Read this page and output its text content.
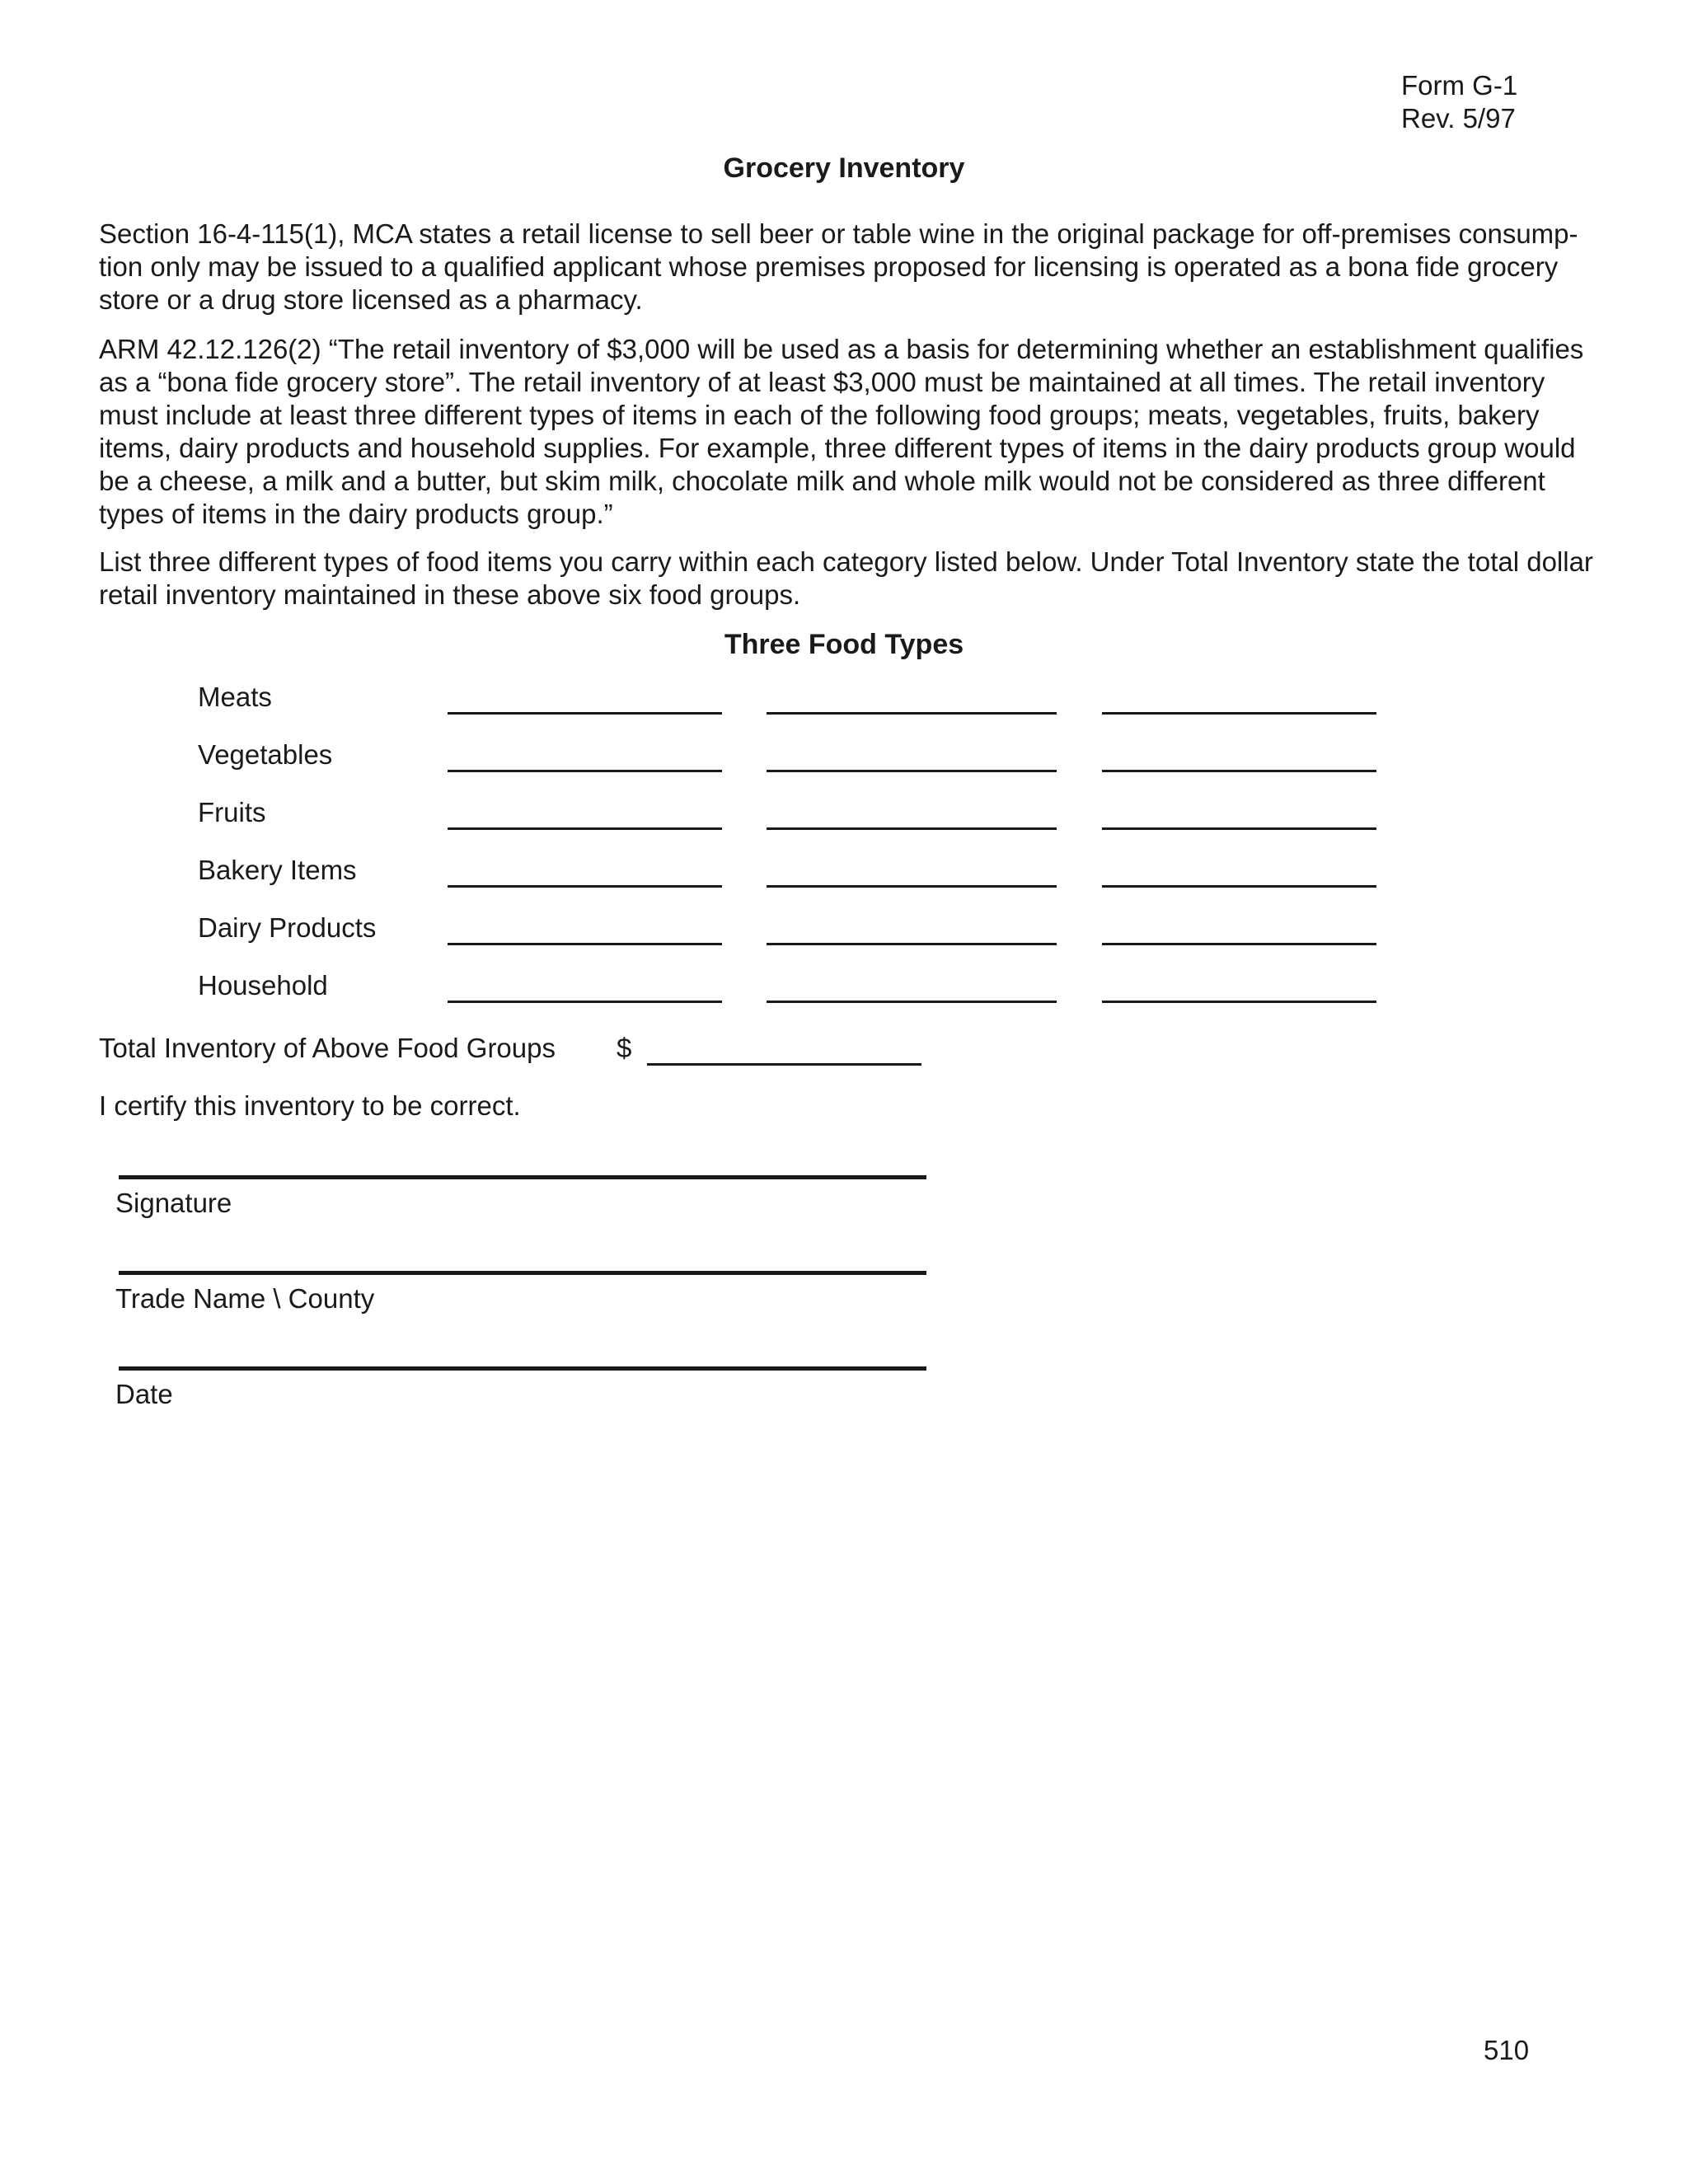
Form G-1
Rev. 5/97
Grocery Inventory

Section 16-4-115(1), MCA states a retail license to sell beer or table wine in the original package for off-premises consump-tion only may be issued to a qualified applicant whose premises proposed for licensing is operated as a bona fide grocery store or a drug store licensed as a pharmacy.

ARM 42.12.126(2) “The retail inventory of $3,000 will be used as a basis for determining whether an establishment qualifies as a “bona fide grocery store”. The retail inventory of at least $3,000 must be maintained at all times. The retail inventory must include at least three different types of items in each of the following food groups; meats, vegetables, fruits, bakery items, dairy products and household supplies. For example, three different types of items in the dairy products group would be a cheese, a milk and a butter, but skim milk, chocolate milk and whole milk would not be considered as three different types of items in the dairy products group.”

List three different types of food items you carry within each category listed below. Under Total Inventory state the total dollar retail inventory maintained in these above six food groups.

Three Food Types
Meats
Vegetables
Fruits
Bakery Items
Dairy Products
Household
Total Inventory of Above Food Groups $
I certify this inventory to be correct.
Signature
Trade Name \ County
Date
510
